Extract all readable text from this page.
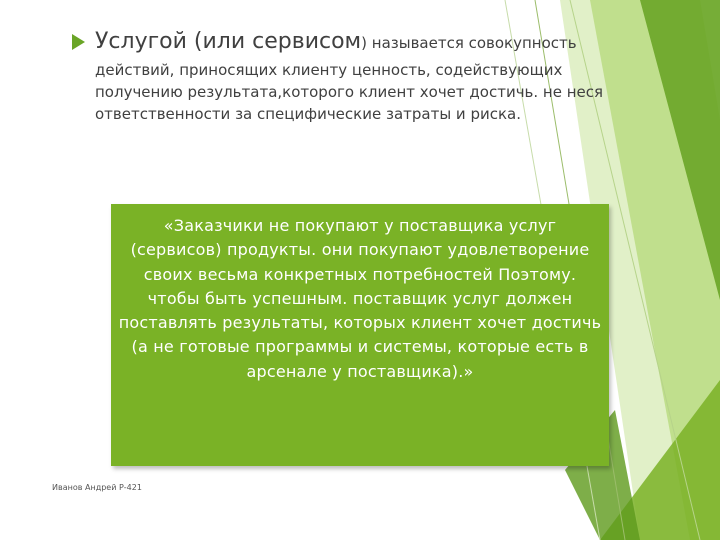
Услугой (или сервисом) называется совокупность
действий, приносящих клиенту ценность, содействующих
получению результата,которого клиент хочет достичь. не неся
ответственности за специфические затраты и риска.
«Заказчики не покупают у поставщика услуг (сервисов) продукты. они покупают удовлетворение своих весьма конкретных потребностей Поэтому. чтобы быть успешным. поставщик услуг должен поставлять результаты, которых клиент хочет достичь (а не готовые программы и системы, которые есть в арсенале у поставщика).»
Иванов Андрей Р-421
